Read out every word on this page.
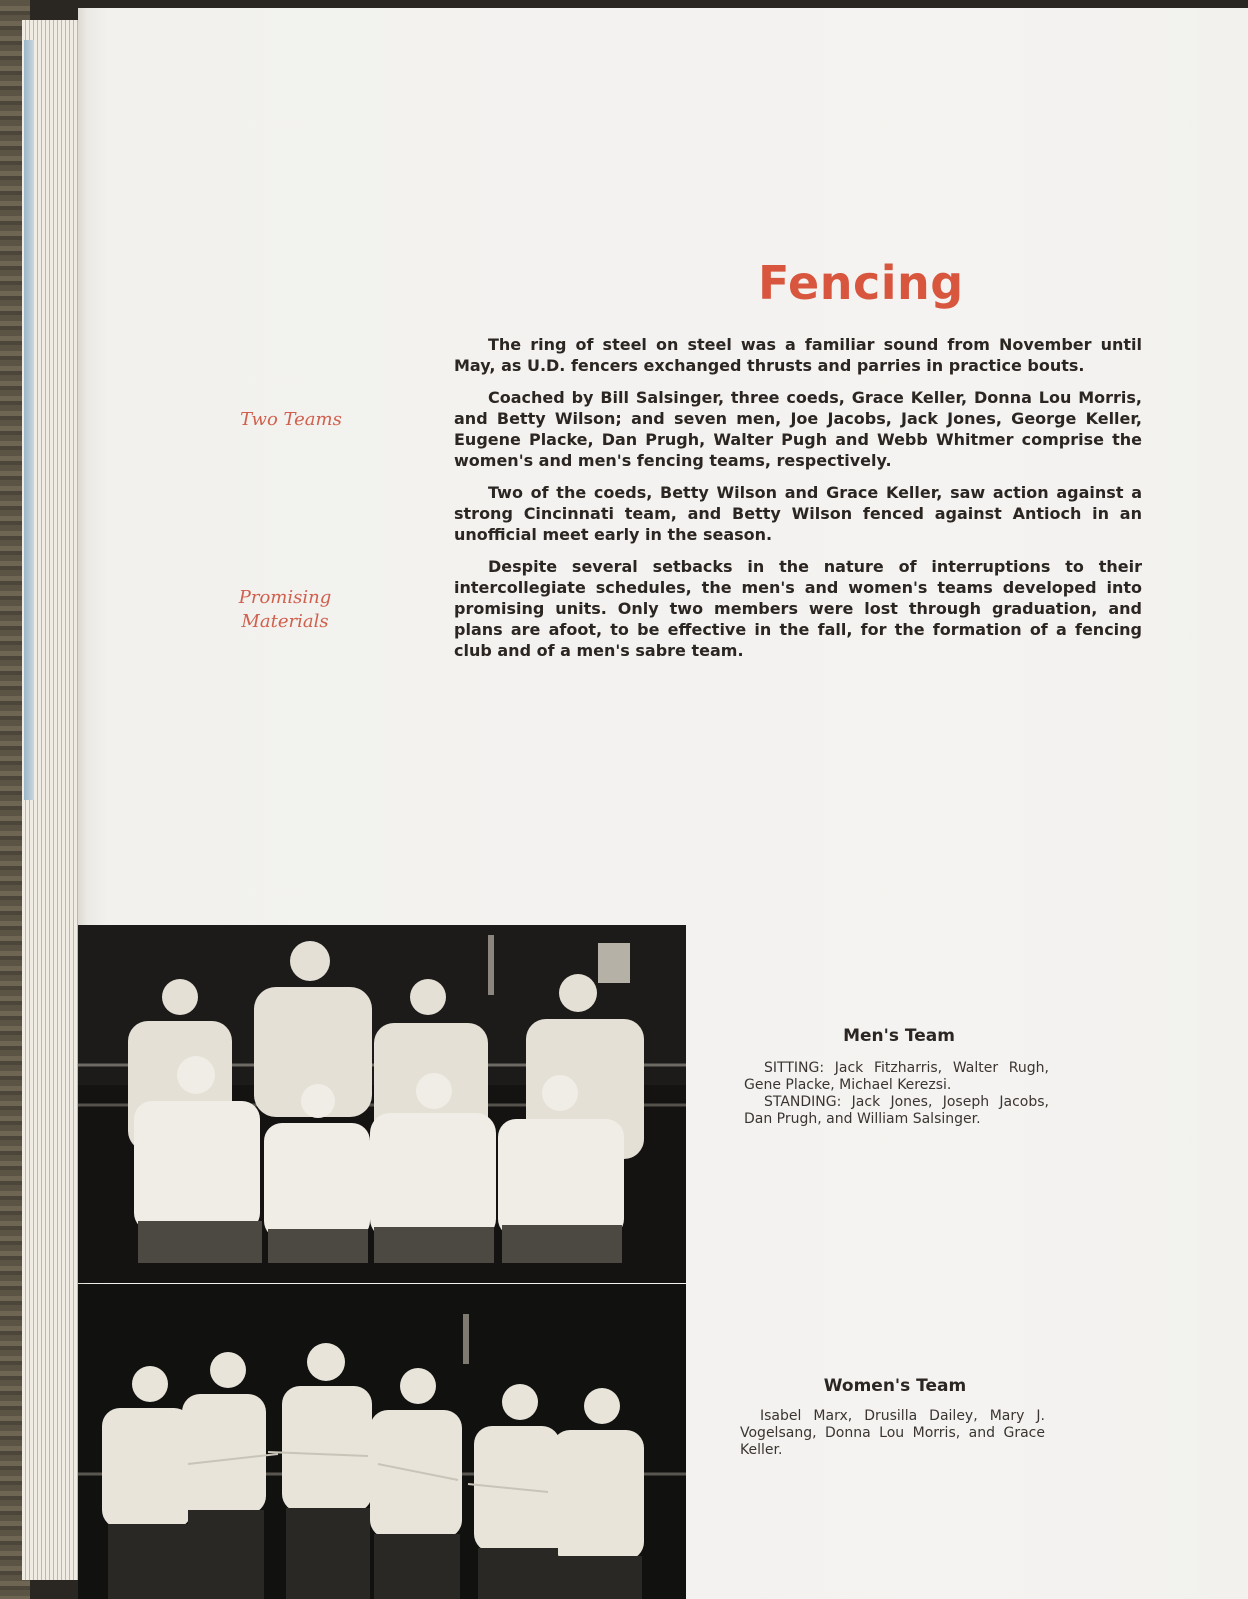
Fencing
Two Teams
Promising
Materials

The ring of steel on steel was a familiar sound from November until May, as U.D. fencers exchanged thrusts and parries in practice bouts.

Coached by Bill Salsinger, three coeds, Grace Keller, Donna Lou Morris, and Betty Wilson; and seven men, Joe Jacobs, Jack Jones, George Keller, Eugene Placke, Dan Prugh, Walter Pugh and Webb Whitmer comprise the women's and men's fencing teams, respectively.

Two of the coeds, Betty Wilson and Grace Keller, saw action against a strong Cincinnati team, and Betty Wilson fenced against Antioch in an unofficial meet early in the season.

Despite several setbacks in the nature of interruptions to their intercollegiate schedules, the men's and women's teams developed into promising units. Only two members were lost through graduation, and plans are afoot, to be effective in the fall, for the formation of a fencing club and of a men's sabre team.

Men's Team

SITTING: Jack Fitzharris, Walter Rugh, Gene Placke, Michael Kerezsi.

STANDING: Jack Jones, Joseph Jacobs, Dan Prugh, and William Salsinger.

Women's Team

Isabel Marx, Drusilla Dailey, Mary J. Vogelsang, Donna Lou Morris, and Grace Keller.
